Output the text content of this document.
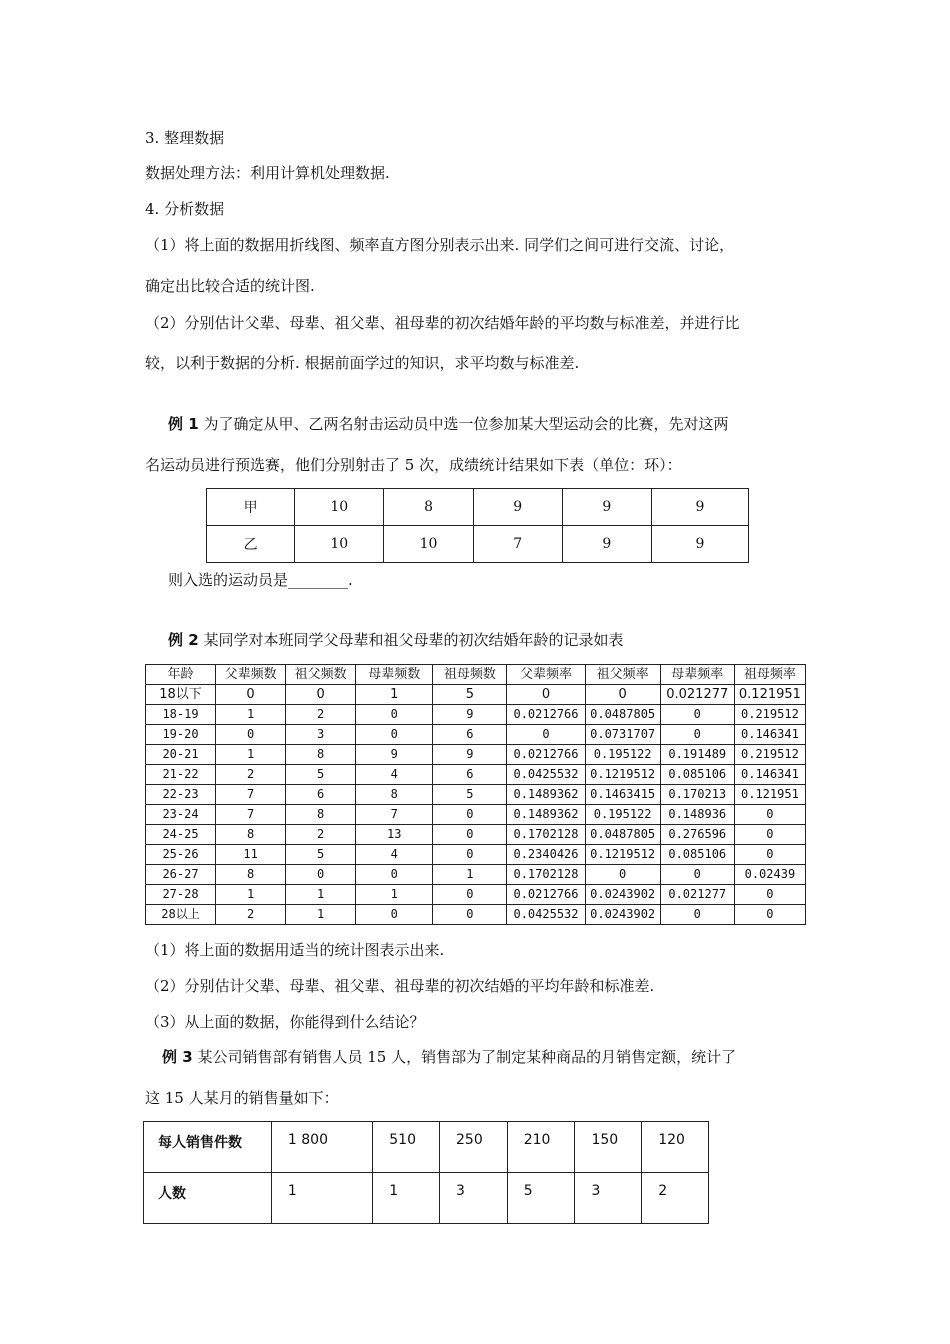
3. 整理数据
数据处理方法：利用计算机处理数据.
4. 分析数据
（1）将上面的数据用折线图、频率直方图分别表示出来. 同学们之间可进行交流、讨论，
确定出比较合适的统计图.
（2）分别估计父辈、母辈、祖父辈、祖母辈的初次结婚年龄的平均数与标准差，并进行比
较，以利于数据的分析. 根据前面学过的知识，求平均数与标准差.
例 1 为了确定从甲、乙两名射击运动员中选一位参加某大型运动会的比赛，先对这两
名运动员进行预选赛，他们分别射击了 5 次，成绩统计结果如下表（单位：环）：
甲	10	8	9	9	9
乙	10	10	7	9	9
则入选的运动员是________.
例 2 某同学对本班同学父母辈和祖父母辈的初次结婚年龄的记录如表
年龄	父辈频数	祖父频数	母辈频数	祖母频数	父辈频率	祖父频率	母辈频率	祖母频率
18以下	0	0	1	5	0	0	0.021277	0.121951
18-19	1	2	0	9	0.0212766	0.0487805	0	0.219512
19-20	0	3	0	6	0	0.0731707	0	0.146341
20-21	1	8	9	9	0.0212766	0.195122	0.191489	0.219512
21-22	2	5	4	6	0.0425532	0.1219512	0.085106	0.146341
22-23	7	6	8	5	0.1489362	0.1463415	0.170213	0.121951
23-24	7	8	7	0	0.1489362	0.195122	0.148936	0
24-25	8	2	13	0	0.1702128	0.0487805	0.276596	0
25-26	11	5	4	0	0.2340426	0.1219512	0.085106	0
26-27	8	0	0	1	0.1702128	0	0	0.02439
27-28	1	1	1	0	0.0212766	0.0243902	0.021277	0
28以上	2	1	0	0	0.0425532	0.0243902	0	0
（1）将上面的数据用适当的统计图表示出来.
（2）分别估计父辈、母辈、祖父辈、祖母辈的初次结婚的平均年龄和标准差.
（3）从上面的数据，你能得到什么结论？
例 3 某公司销售部有销售人员 15 人，销售部为了制定某种商品的月销售定额，统计了
这 15 人某月的销售量如下：
每人销售件数	1 800	510	250	210	150	120
人数	1	1	3	5	3	2
